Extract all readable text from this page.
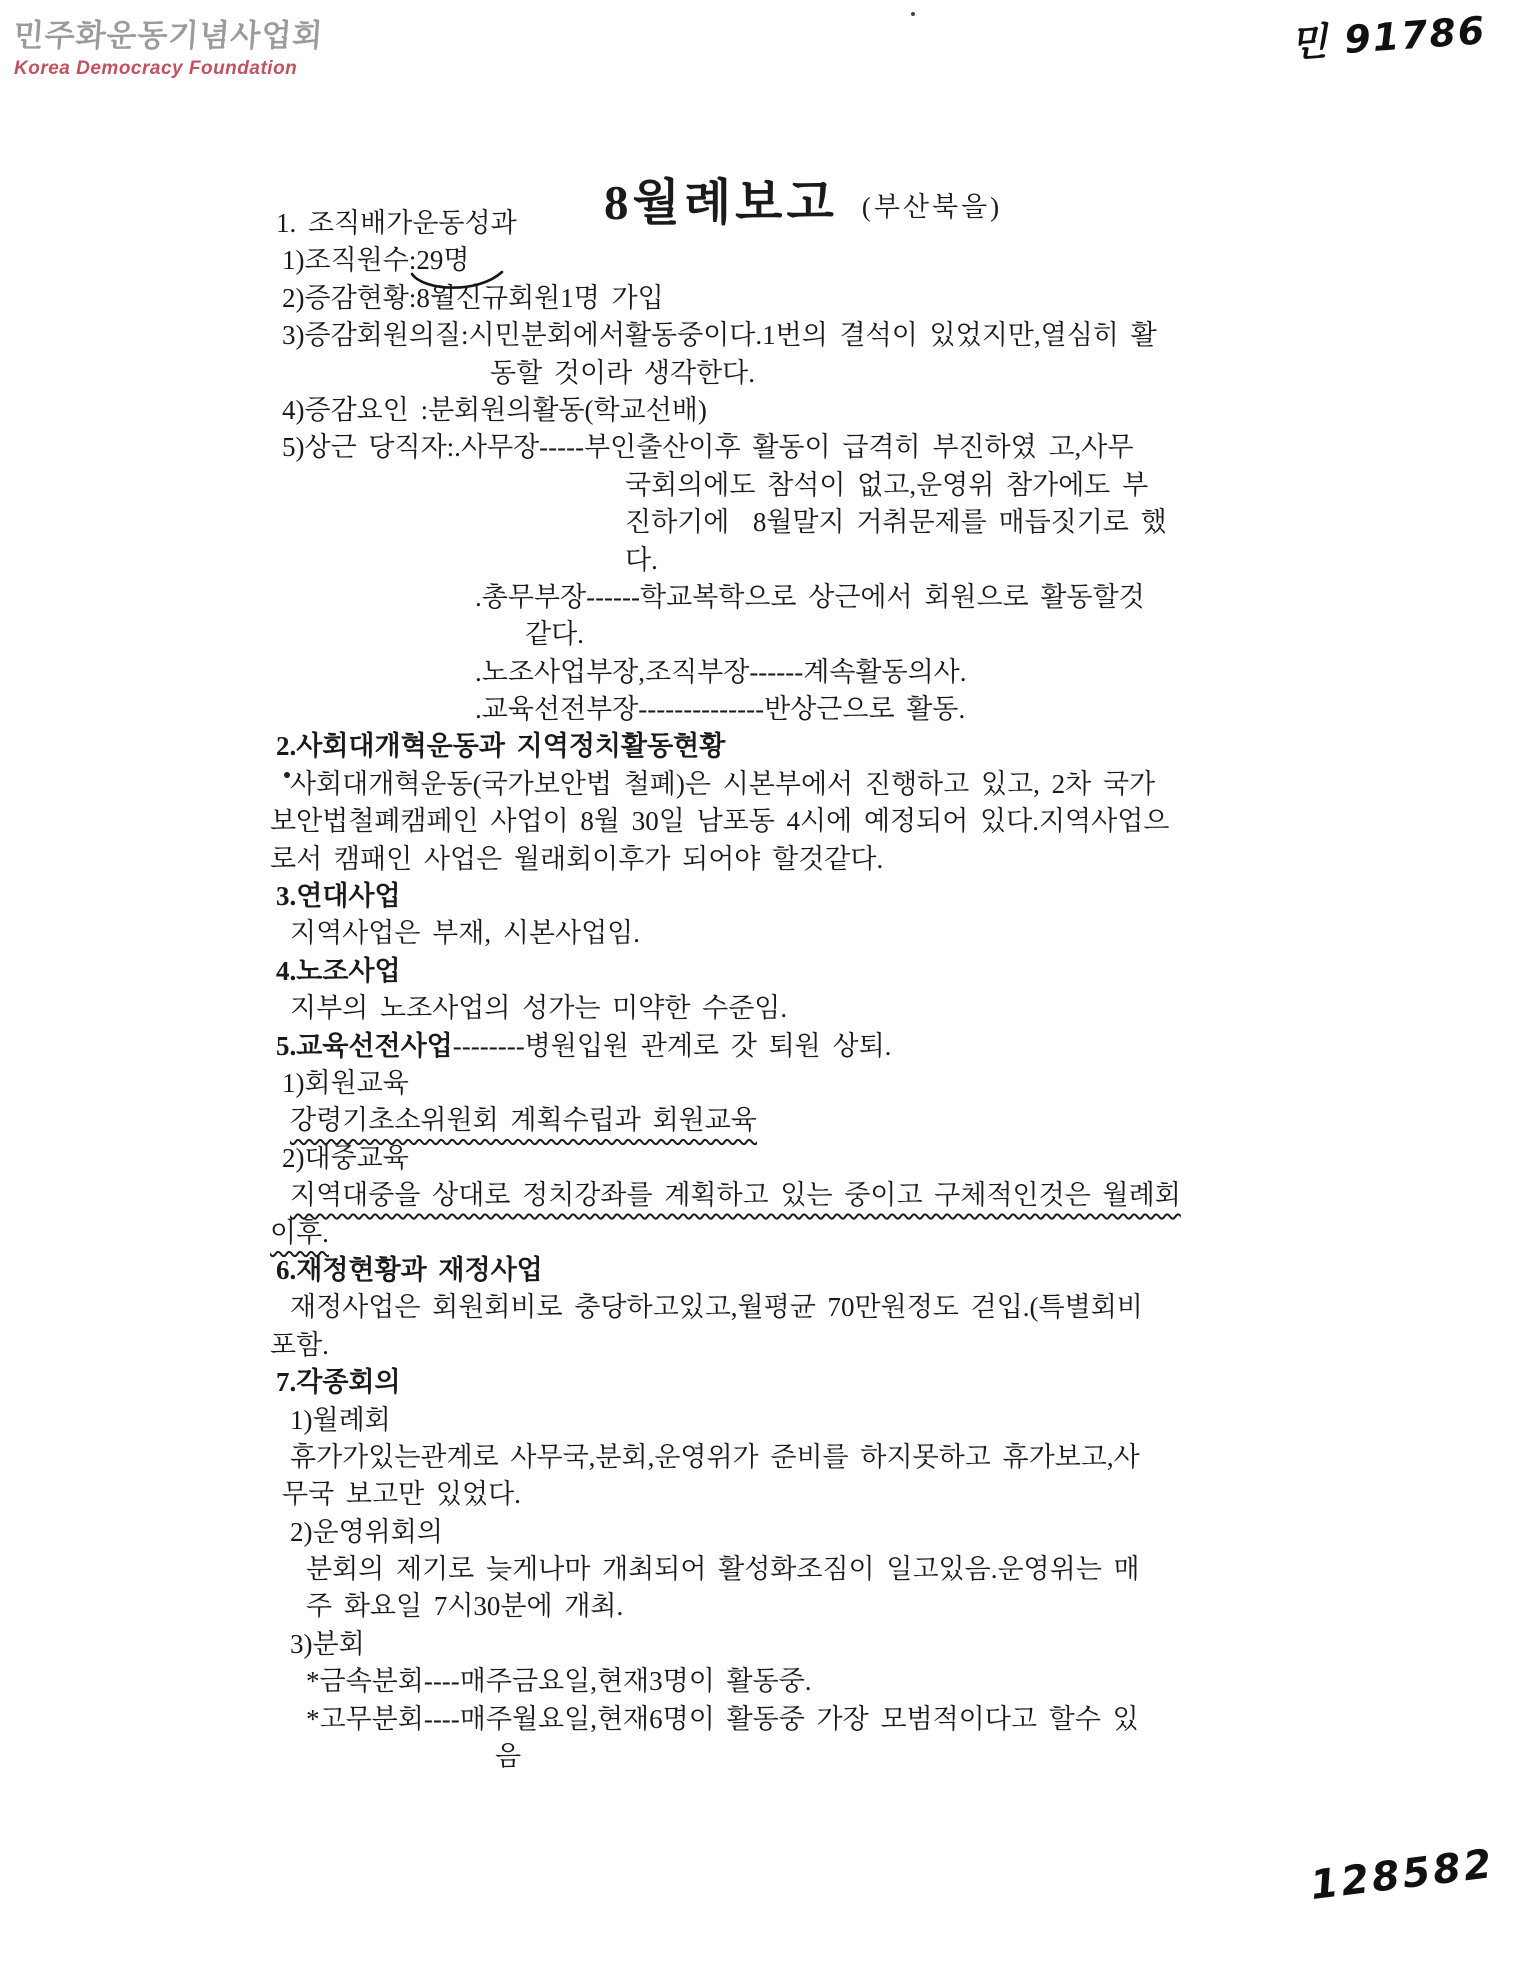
민주화운동기념사업회
Korea Democracy Foundation
민 91786

8월례보고 (부산북을)

1. 조직배가운동성과
1)조직원수:29명
2)증감현황:8월신규회원1명 가입
3)증감회원의질:시민분회에서활동중이다.1번의 결석이 있었지만,열심히 활
동할 것이라 생각한다.
4)증감요인 :분회원의활동(학교선배)
5)상근 당직자:.사무장-----부인출산이후 활동이 급격히 부진하였 고,사무
국회의에도 참석이 없고,운영위 참가에도 부
진하기에  8월말지 거취문제를 매듭짓기로 했
다.
.총무부장------학교복학으로 상근에서 회원으로 활동할것
같다.
.노조사업부장,조직부장------계속활동의사.
.교육선전부장--------------반상근으로 활동.
2.사회대개혁운동과 지역정치활동현황
사회대개혁운동(국가보안법 철폐)은 시본부에서 진행하고 있고, 2차 국가
보안법철폐캠페인 사업이 8월 30일 남포동 4시에 예정되어 있다.지역사업으
로서 캠패인 사업은 월래회이후가 되어야 할것같다.
3.연대사업
지역사업은 부재, 시본사업임.
4.노조사업
지부의 노조사업의 성가는 미약한 수준임.
5.교육선전사업--------병원입원 관계로 갓 퇴원 상퇴.
1)회원교육
강령기초소위원회 계획수립과 회원교육
2)대중교육
지역대중을 상대로 정치강좌를 계획하고 있는 중이고 구체적인것은 월례회
이후.
6.재정현황과 재정사업
재정사업은 회원회비로 충당하고있고,월평균 70만원정도 걷입.(특별회비
포함.
7.각종회의
1)월례회
휴가가있는관계로 사무국,분회,운영위가 준비를 하지못하고 휴가보고,사
무국 보고만 있었다.
2)운영위회의
분회의 제기로 늦게나마 개최되어 활성화조짐이 일고있음.운영위는 매
주 화요일 7시30분에 개최.
3)분회
*금속분회----매주금요일,현재3명이 활동중.
*고무분회----매주월요일,현재6명이 활동중 가장 모범적이다고 할수 있
음
128582
